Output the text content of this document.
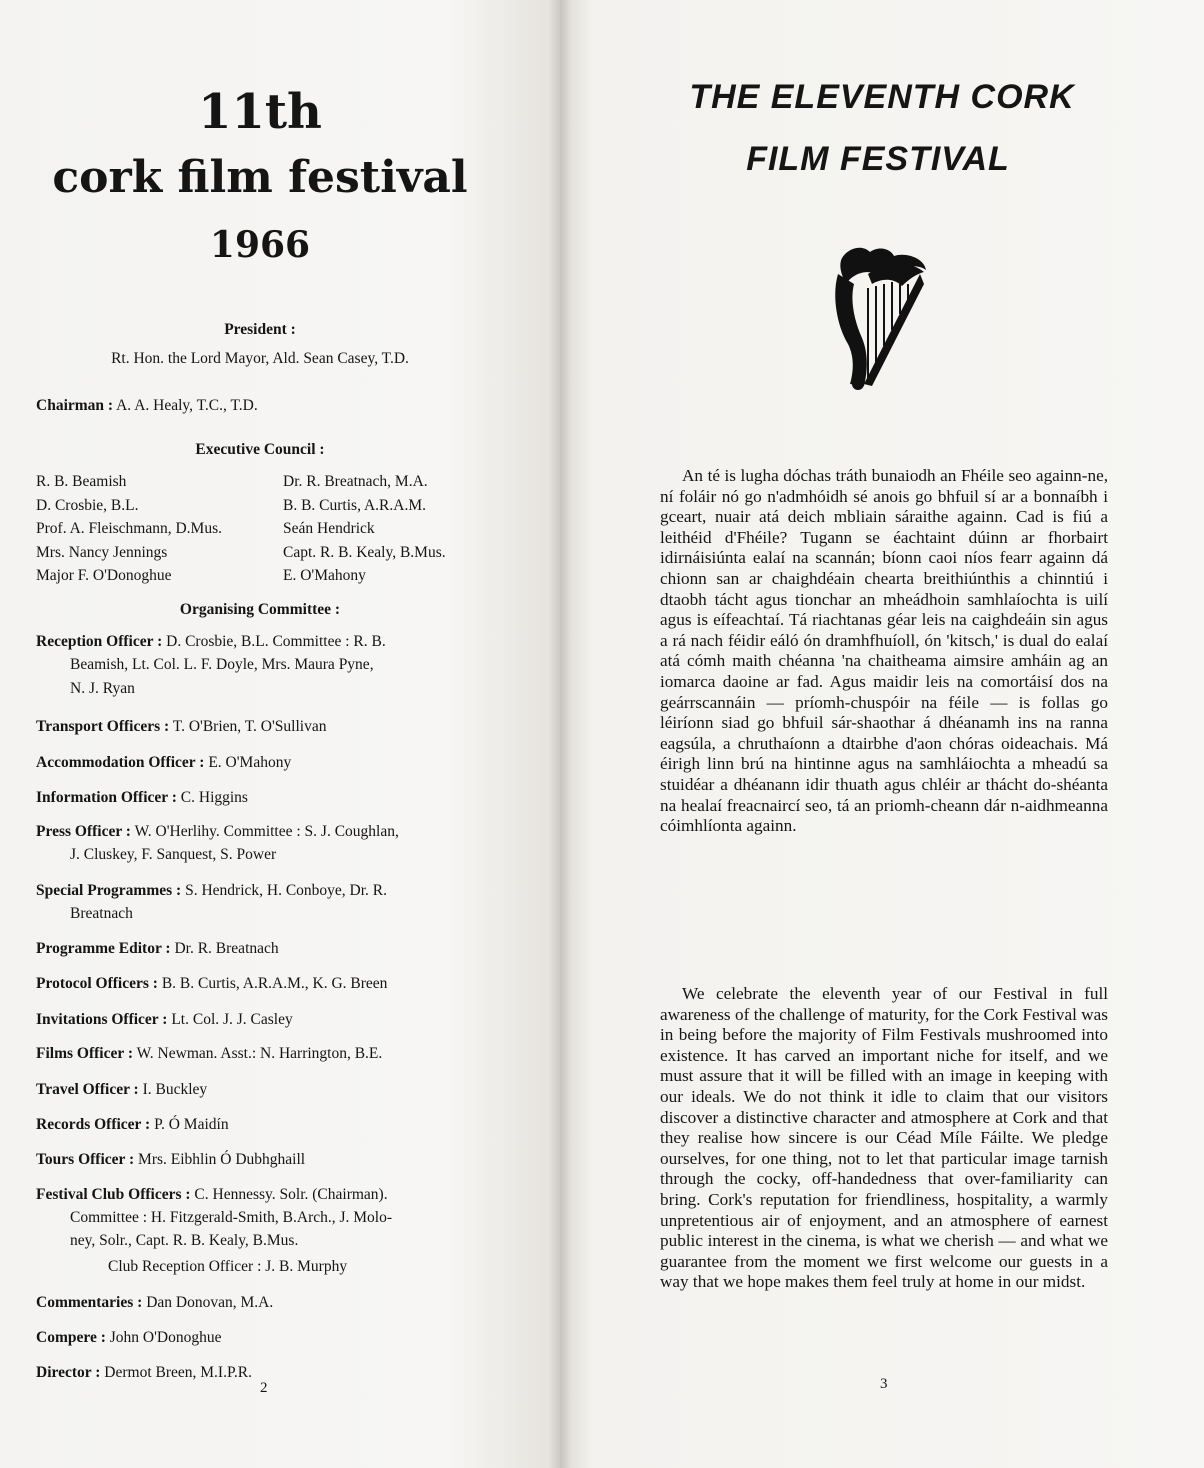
11th
cork film festival
1966
President :
Rt. Hon. the Lord Mayor, Ald. Sean Casey, T.D.
Chairman : A. A. Healy, T.C., T.D.
Executive Council :
R. B. Beamish
D. Crosbie, B.L.
Prof. A. Fleischmann, D.Mus.
Mrs. Nancy Jennings
Major F. O'Donoghue
Dr. R. Breatnach, M.A.
B. B. Curtis, A.R.A.M.
Seán Hendrick
Capt. R. B. Kealy, B.Mus.
E. O'Mahony
Organising Committee :
Reception Officer : D. Crosbie, B.L. Committee : R. B.
Beamish, Lt. Col. L. F. Doyle, Mrs. Maura Pyne,
N. J. Ryan
Transport Officers : T. O'Brien, T. O'Sullivan
Accommodation Officer : E. O'Mahony
Information Officer : C. Higgins
Press Officer : W. O'Herlihy. Committee : S. J. Coughlan,
J. Cluskey, F. Sanquest, S. Power
Special Programmes : S. Hendrick, H. Conboye, Dr. R.
Breatnach
Programme Editor : Dr. R. Breatnach
Protocol Officers : B. B. Curtis, A.R.A.M., K. G. Breen
Invitations Officer : Lt. Col. J. J. Casley
Films Officer : W. Newman. Asst.: N. Harrington, B.E.
Travel Officer : I. Buckley
Records Officer : P. Ó Maidín
Tours Officer : Mrs. Eibhlin Ó Dubhghaill
Festival Club Officers : C. Hennessy. Solr. (Chairman).
Committee : H. Fitzgerald-Smith, B.Arch., J. Molo-
ney, Solr., Capt. R. B. Kealy, B.Mus.
Club Reception Officer : J. B. Murphy
Commentaries : Dan Donovan, M.A.
Compere : John O'Donoghue
Director : Dermot Breen, M.I.P.R.
2
THE ELEVENTH CORK
FILM FESTIVAL
An té is lugha dóchas tráth bunaiodh an Fhéile seo againn-ne, ní foláir nó go n'admhóidh sé anois go bhfuil sí ar a bonnaíbh i gceart, nuair atá deich mbliain sáraithe againn. Cad is fiú a leithéid d'Fhéile? Tugann se éachtaint dúinn ar fhorbairt idirnáisiúnta ealaí na scannán; bíonn caoi níos fearr againn dá chionn san ar chaighdéain chearta breithiúnthis a chinntiú i dtaobh tácht agus tionchar an mheádhoin samhlaíochta is uilí agus is eífeachtaí. Tá riachtanas géar leis na caighdeáin sin agus a rá nach féidir eáló ón dramhfhuíoll, ón 'kitsch,' is dual do ealaí atá cómh maith chéanna 'na chaitheama aimsire amháin ag an iomarca daoine ar fad. Agus maidir leis na comortáisí dos na geárrscannáin — príomh-chuspóir na féile — is follas go léiríonn siad go bhfuil sár-shaothar á dhéanamh ins na ranna eagsúla, a chruthaíonn a dtairbhe d'aon chóras oideachais. Má éirigh linn brú na hintinne agus na samhláiochta a mheadú sa stuidéar a dhéanann idir thuath agus chléir ar thácht do-shéanta na healaí freacnaircí seo, tá an priomh-cheann dár n-aidhmeanna cóimhlíonta againn.
We celebrate the eleventh year of our Festival in full awareness of the challenge of maturity, for the Cork Festival was in being before the majority of Film Festivals mushroomed into existence. It has carved an important niche for itself, and we must assure that it will be filled with an image in keeping with our ideals. We do not think it idle to claim that our visitors discover a distinctive character and atmosphere at Cork and that they realise how sincere is our Céad Míle Fáilte. We pledge ourselves, for one thing, not to let that particular image tarnish through the cocky, off-handedness that over-familiarity can bring. Cork's reputation for friendliness, hospitality, a warmly unpretentious air of enjoyment, and an atmosphere of earnest public interest in the cinema, is what we cherish — and what we guarantee from the moment we first welcome our guests in a way that we hope makes them feel truly at home in our midst.
3
